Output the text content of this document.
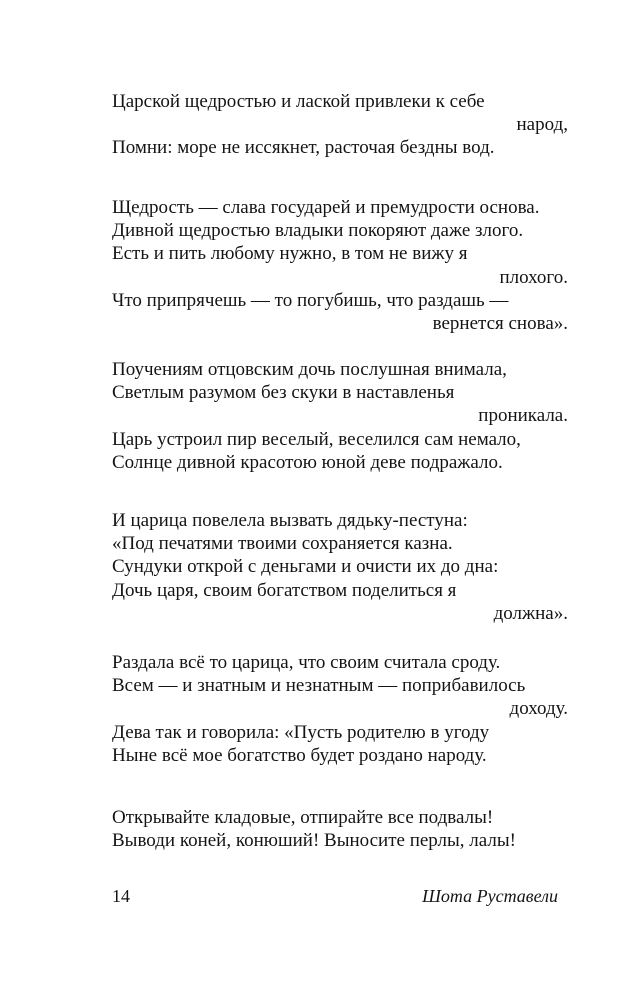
Царской щедростью и лаской привлеки к себе
народ,
Помни: море не иссякнет, расточая бездны вод.
Щедрость — слава государей и премудрости основа.
Дивной щедростью владыки покоряют даже злого.
Есть и пить любому нужно, в том не вижу я
плохого.
Что припрячешь — то погубишь, что раздашь —
вернется снова».
Поучениям отцовским дочь послушная внимала,
Светлым разумом без скуки в наставленья
проникала.
Царь устроил пир веселый, веселился сам немало,
Солнце дивной красотою юной деве подражало.
И царица повелела вызвать дядьку-пестуна:
«Под печатями твоими сохраняется казна.
Сундуки открой с деньгами и очисти их до дна:
Дочь царя, своим богатством поделиться я
должна».
Раздала всё то царица, что своим считала сроду.
Всем — и знатным и незнатным — поприбавилось
доходу.
Дева так и говорила: «Пусть родителю в угоду
Ныне всё мое богатство будет роздано народу.
Открывайте кладовые, отпирайте все подвалы!
Выводи коней, конюший! Выносите перлы, лалы!
14	Шота Руставели
